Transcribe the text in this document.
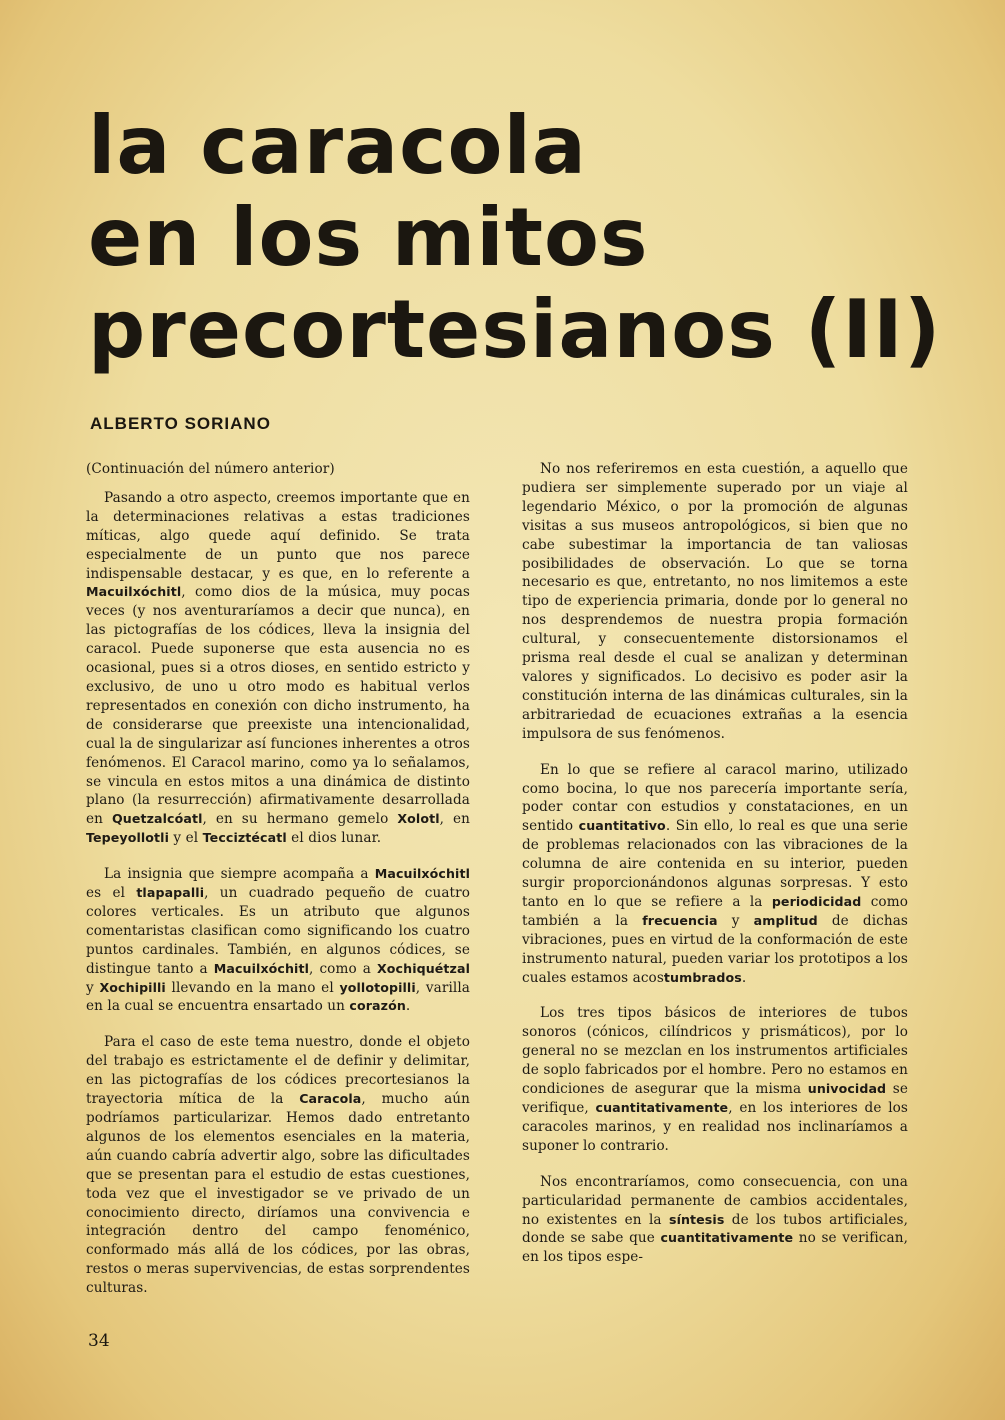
la caracola
en los mitos
precortesianos (II)
ALBERTO SORIANO

(Continuación del número anterior)

Pasando a otro aspecto, creemos importante que en la determinaciones relativas a estas tradiciones míticas, algo quede aquí definido. Se trata especialmente de un punto que nos parece indispensable destacar, y es que, en lo referente a Macuilxóchitl, como dios de la música, muy pocas veces (y nos aventuraríamos a decir que nunca), en las pictografías de los códices, lleva la insignia del caracol. Puede suponerse que esta ausencia no es ocasional, pues si a otros dioses, en sentido estricto y exclusivo, de uno u otro modo es habitual verlos representados en conexión con dicho instrumento, ha de considerarse que preexiste una intencionalidad, cual la de singularizar así funciones inherentes a otros fenómenos. El Caracol marino, como ya lo señalamos, se vincula en estos mitos a una dinámica de distinto plano (la resurrección) afirmativamente desarrollada en Quetzalcóatl, en su hermano gemelo Xolotl, en Tepeyollotli y el Tecciztécatl el dios lunar.

La insignia que siempre acompaña a Macuilxóchitl es el tlapapalli, un cuadrado pequeño de cuatro colores verticales. Es un atributo que algunos comentaristas clasifican como significando los cuatro puntos cardinales. También, en algunos códices, se distingue tanto a Macuilxóchitl, como a Xochiquétzal y Xochipilli llevando en la mano el yollotopilli, varilla en la cual se encuentra ensartado un corazón.

Para el caso de este tema nuestro, donde el objeto del trabajo es estrictamente el de definir y delimitar, en las pictografías de los códices precortesianos la trayectoria mítica de la Caracola, mucho aún podríamos particularizar. Hemos dado entretanto algunos de los elementos esenciales en la materia, aún cuando cabría advertir algo, sobre las dificultades que se presentan para el estudio de estas cuestiones, toda vez que el investigador se ve privado de un conocimiento directo, diríamos una convivencia e integración dentro del campo fenoménico, conformado más allá de los códices, por las obras, restos o meras supervivencias, de estas sorprendentes culturas.

No nos referiremos en esta cuestión, a aquello que pudiera ser simplemente superado por un viaje al legendario México, o por la promoción de algunas visitas a sus museos antropológicos, si bien que no cabe subestimar la importancia de tan valiosas posibilidades de observación. Lo que se torna necesario es que, entretanto, no nos limitemos a este tipo de experiencia primaria, donde por lo general no nos desprendemos de nuestra propia formación cultural, y consecuentemente distorsionamos el prisma real desde el cual se analizan y determinan valores y significados. Lo decisivo es poder asir la constitución interna de las dinámicas culturales, sin la arbitrariedad de ecuaciones extrañas a la esencia impulsora de sus fenómenos.

En lo que se refiere al caracol marino, utilizado como bocina, lo que nos parecería importante sería, poder contar con estudios y constataciones, en un sentido cuantitativo. Sin ello, lo real es que una serie de problemas relacionados con las vibraciones de la columna de aire contenida en su interior, pueden surgir proporcionándonos algunas sorpresas. Y esto tanto en lo que se refiere a la periodicidad como también a la frecuencia y amplitud de dichas vibraciones, pues en virtud de la conformación de este instrumento natural, pueden variar los prototipos a los cuales estamos acostumbrados.

Los tres tipos básicos de interiores de tubos sonoros (cónicos, cilíndricos y prismáticos), por lo general no se mezclan en los instrumentos artificiales de soplo fabricados por el hombre. Pero no estamos en condiciones de asegurar que la misma univocidad se verifique, cuantitativamente, en los interiores de los caracoles marinos, y en realidad nos inclinaríamos a suponer lo contrario.

Nos encontraríamos, como consecuencia, con una particularidad permanente de cambios accidentales, no existentes en la síntesis de los tubos artificiales, donde se sabe que cuantitativamente no se verifican, en los tipos espe-

34
